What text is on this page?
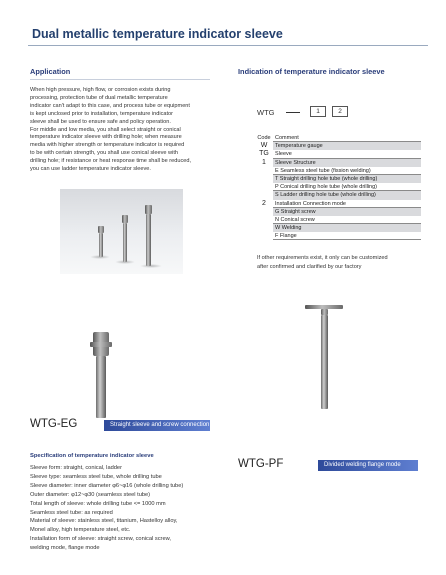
Dual metallic temperature indicator sleeve
Application
When high pressure, high flow, or corrosion exists during
processing, protection tube of dual metallic temperature
indicator can't adapt to this case, and process tube or equipment
is kept unclosed prior to installation, temperature indicator
sleeve shall be used to ensure safe and policy operation.
For middle and low media, you shall select straight or conical
temperature indicator sleeve with drilling hole; when measure
media with higher strength or temperature indicator is required
to be with certain strength, you shall use conical sleeve with
drilling hole; if resistance or heat response time shall be reduced,
you can use ladder temperature indicator sleeve.
Indication of temperature indicator sleeve
WTG	1	2
Code Comment
W	Temperature gauge
TG	Sleeve
1	Sleeve Structure
E Seamless steel tube (fission welding)
T Straight drilling hole tube (whole drilling)
P Conical drilling hole tube (whole drilling)
S Ladder drilling hole tube (whole drilling)
2	Installation Connection mode
G Straight screw
N Conical screw
W Welding
F Flange
If other requirements exist, it only can be customized
after confirmed and clarified by our factory
WTG-EG	Straight sleeve and screw connection
WTG-PF	Divided welding flange mode
Specification of temperature indicator sleeve
Sleeve form: straight, conical, ladder
Sleeve type: seamless steel tube, whole drilling tube
Sleeve diameter: inner diameter φ6~φ16 (whole drilling tube)
Outer diameter: φ12~φ30 (seamless steel tube)
Total length of sleeve: whole drilling tube <= 1000 mm
Seamless steel tube: as required
Material of sleeve: stainless steel, titanium, Hastelloy alloy,
Monel alloy, high temperature steel, etc.
Installation form of sleeve: straight screw, conical screw,
welding mode, flange mode
